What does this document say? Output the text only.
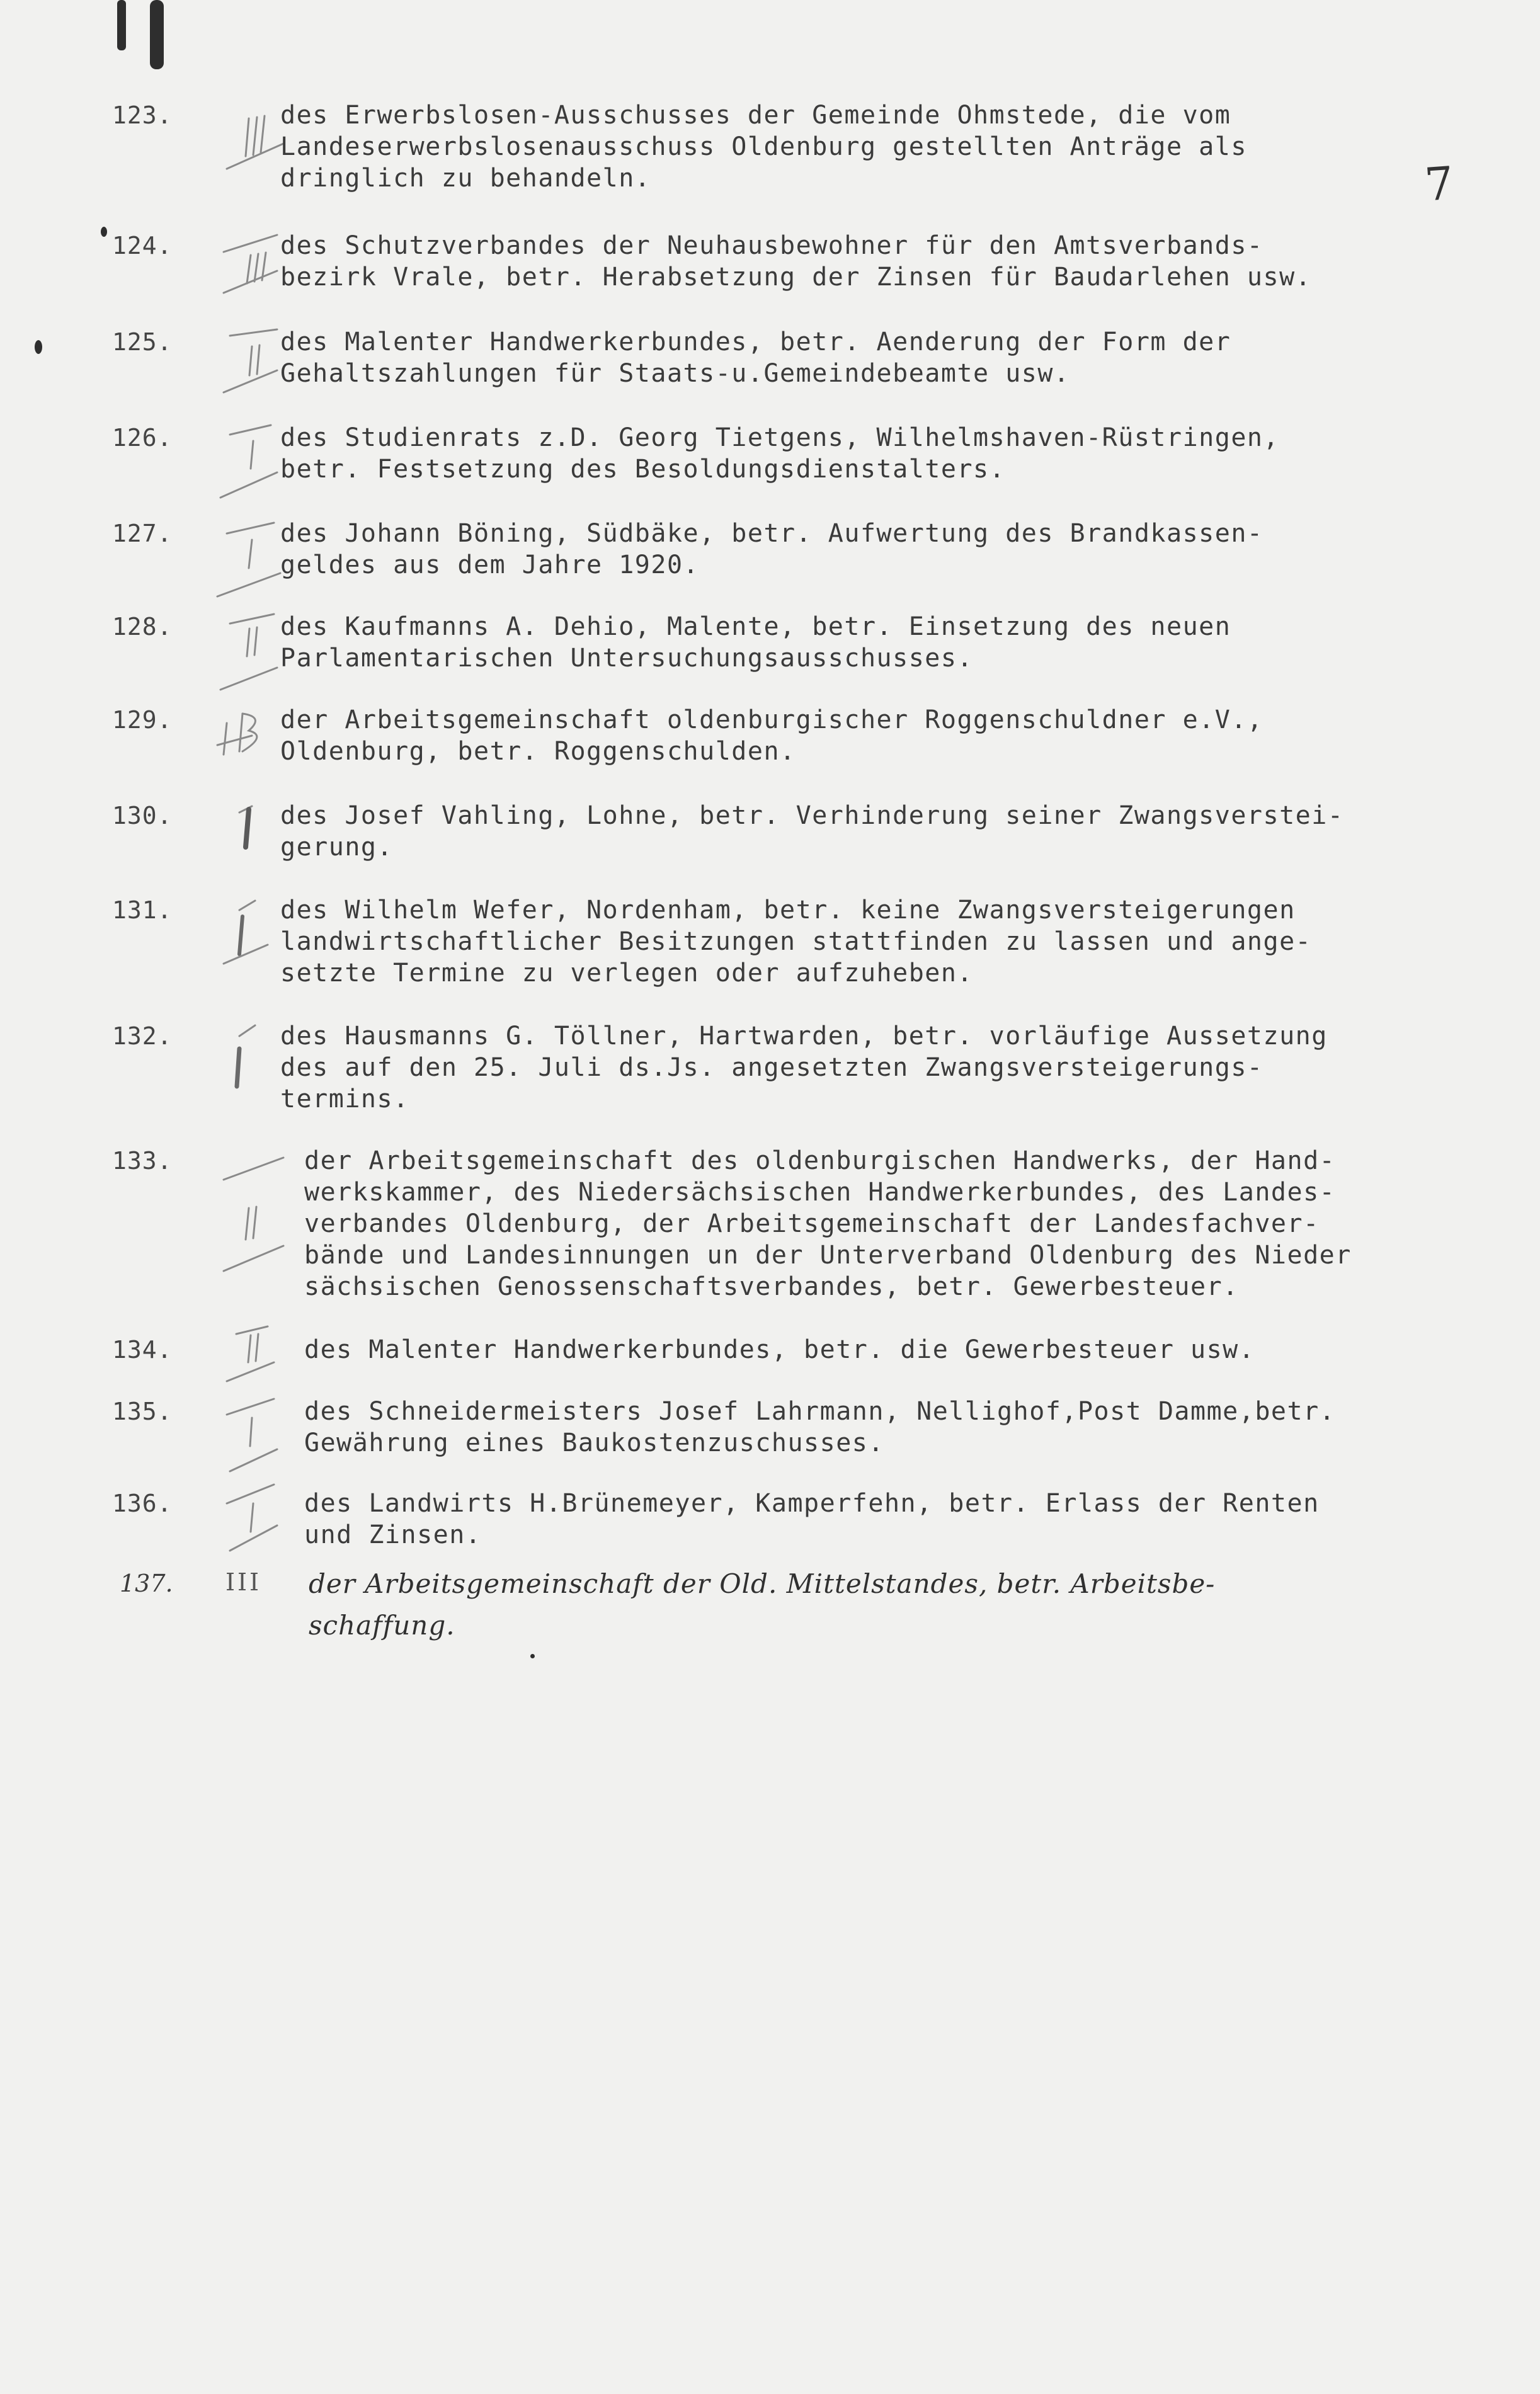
7
123.	des Erwerbslosen-Ausschusses der Gemeinde Ohmstede, die vom
Landeserwerbslosenausschuss Oldenburg gestellten Anträge als
dringlich zu behandeln.
124.	des Schutzverbandes der Neuhausbewohner für den Amtsverbands-
bezirk Vrale, betr. Herabsetzung der Zinsen für Baudarlehen usw.
125.	des Malenter Handwerkerbundes, betr. Aenderung der Form der
Gehaltszahlungen für Staats-u.Gemeindebeamte usw.
126.	des Studienrats z.D. Georg Tietgens, Wilhelmshaven-Rüstringen,
betr. Festsetzung des Besoldungsdienstalters.
127.	des Johann Böning, Südbäke, betr. Aufwertung des Brandkassen-
geldes aus dem Jahre 1920.
128.	des Kaufmanns A. Dehio, Malente, betr. Einsetzung des neuen
Parlamentarischen Untersuchungsausschusses.
129.	der Arbeitsgemeinschaft oldenburgischer Roggenschuldner e.V.,
Oldenburg, betr. Roggenschulden.
130.	des Josef Vahling, Lohne, betr. Verhinderung seiner Zwangsverstei-
gerung.
131.	des Wilhelm Wefer, Nordenham, betr. keine Zwangsversteigerungen
landwirtschaftlicher Besitzungen stattfinden zu lassen und ange-
setzte Termine zu verlegen oder aufzuheben.
132.	des Hausmanns G. Töllner, Hartwarden, betr. vorläufige Aussetzung
des auf den 25. Juli ds.Js. angesetzten Zwangsversteigerungs-
termins.
133.	der Arbeitsgemeinschaft des oldenburgischen Handwerks, der Hand-
werkskammer, des Niedersächsischen Handwerkerbundes, des Landes-
verbandes Oldenburg, der Arbeitsgemeinschaft der Landesfachver-
bände und Landesinnungen un der Unterverband Oldenburg des Nieder
sächsischen Genossenschaftsverbandes, betr. Gewerbesteuer.
134.	des Malenter Handwerkerbundes, betr. die Gewerbesteuer usw.
135.	des Schneidermeisters Josef Lahrmann, Nellighof,Post Damme,betr.
Gewährung eines Baukostenzuschusses.
136.	des Landwirts H.Brünemeyer, Kamperfehn, betr. Erlass der Renten
und Zinsen.
137. III der Arbeitsgemeinschaft der Old. Mittelstandes, betr. Arbeitsbe-
schaffung.
